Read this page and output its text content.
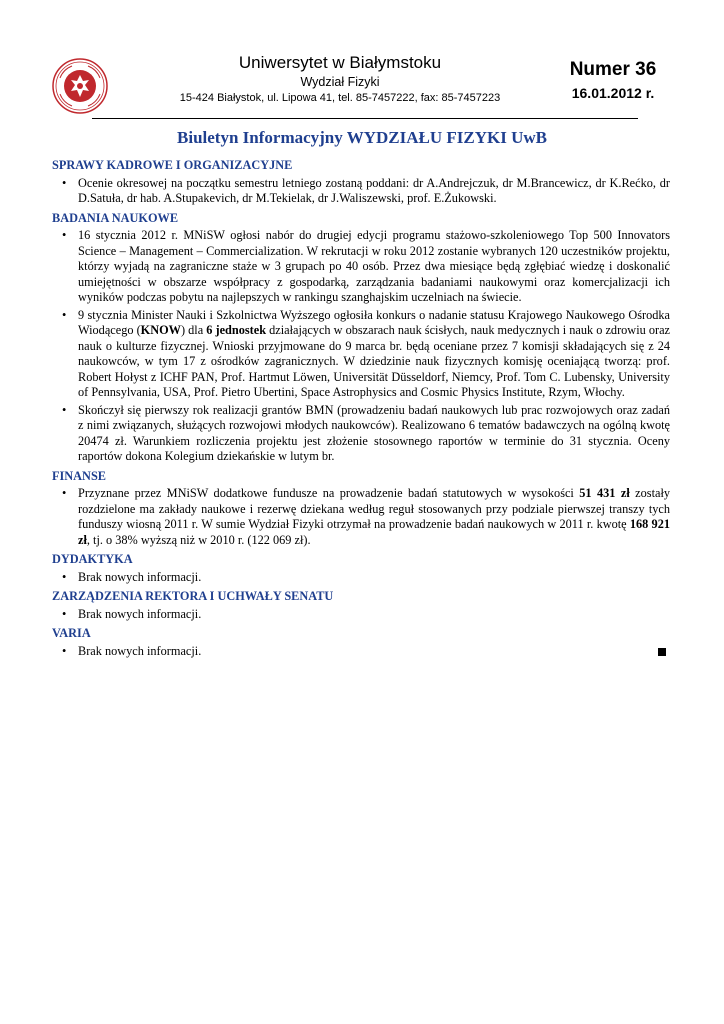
Uniwersytet w Białymstoku
Wydział Fizyki
15-424 Białystok, ul. Lipowa 41, tel. 85-7457222, fax: 85-7457223
Numer 36
16.01.2012 r.
Biuletyn Informacyjny WYDZIAŁU FIZYKI UwB
SPRAWY KADROWE I ORGANIZACYJNE
• Ocenie okresowej na początku semestru letniego zostaną poddani: dr A.Andrejczuk, dr M.Brancewicz, dr K.Rećko, dr D.Satuła, dr hab. A.Stupakevich, dr M.Tekielak, dr J.Waliszewski, prof. E.Żukowski.
BADANIA NAUKOWE
• 16 stycznia 2012 r. MNiSW ogłosi nabór do drugiej edycji programu stażowo-szkoleniowego Top 500 Innovators Science – Management – Commercialization. W rekrutacji w roku 2012 zostanie wybranych 120 uczestników projektu, którzy wyjadą na zagraniczne staże w 3 grupach po 40 osób. Przez dwa miesiące będą zgłębiać wiedzę i doskonalić umiejętności w obszarze współpracy z gospodarką, zarządzania badaniami naukowymi oraz komercjalizacji ich wyników podczas pobytu na najlepszych w rankingu szanghajskim uczelniach na świecie.
• 9 stycznia Minister Nauki i Szkolnictwa Wyższego ogłosiła konkurs o nadanie statusu Krajowego Naukowego Ośrodka Wiodącego (KNOW) dla 6 jednostek działających w obszarach nauk ścisłych, nauk medycznych i nauk o zdrowiu oraz nauk o kulturze fizycznej. Wnioski przyjmowane do 9 marca br. będą oceniane przez 7 komisji składających się z 24 naukowców, w tym 17 z ośrodków zagranicznych. W dziedzinie nauk fizycznych komisję oceniającą tworzą: prof. Robert Hołyst z ICHF PAN, Prof. Hartmut Löwen, Universität Düsseldorf, Niemcy, Prof. Tom C. Lubensky, University of Pennsylvania, USA, Prof. Pietro Ubertini, Space Astrophysics and Cosmic Physics Institute, Rzym, Włochy.
• Skończył się pierwszy rok realizacji grantów BMN (prowadzeniu badań naukowych lub prac rozwojowych oraz zadań z nimi związanych, służących rozwojowi młodych naukowców). Realizowano 6 tematów badawczych na ogólną kwotę 20474 zł. Warunkiem rozliczenia projektu jest złożenie stosownego raportów w terminie do 31 stycznia. Oceny raportów dokona Kolegium dziekańskie w lutym br.
FINANSE
• Przyznane przez MNiSW dodatkowe fundusze na prowadzenie badań statutowych w wysokości 51 431 zł zostały rozdzielone ma zakłady naukowe i rezerwę dziekana według reguł stosowanych przy podziale pierwszej transzy tych funduszy wiosną 2011 r. W sumie Wydział Fizyki otrzymał na prowadzenie badań naukowych w 2011 r. kwotę 168 921 zł, tj. o 38% wyższą niż w 2010 r. (122 069 zł).
DYDAKTYKA
• Brak nowych informacji.
ZARZĄDZENIA REKTORA I UCHWAŁY SENATU
• Brak nowych informacji.
VARIA
• Brak nowych informacji.
